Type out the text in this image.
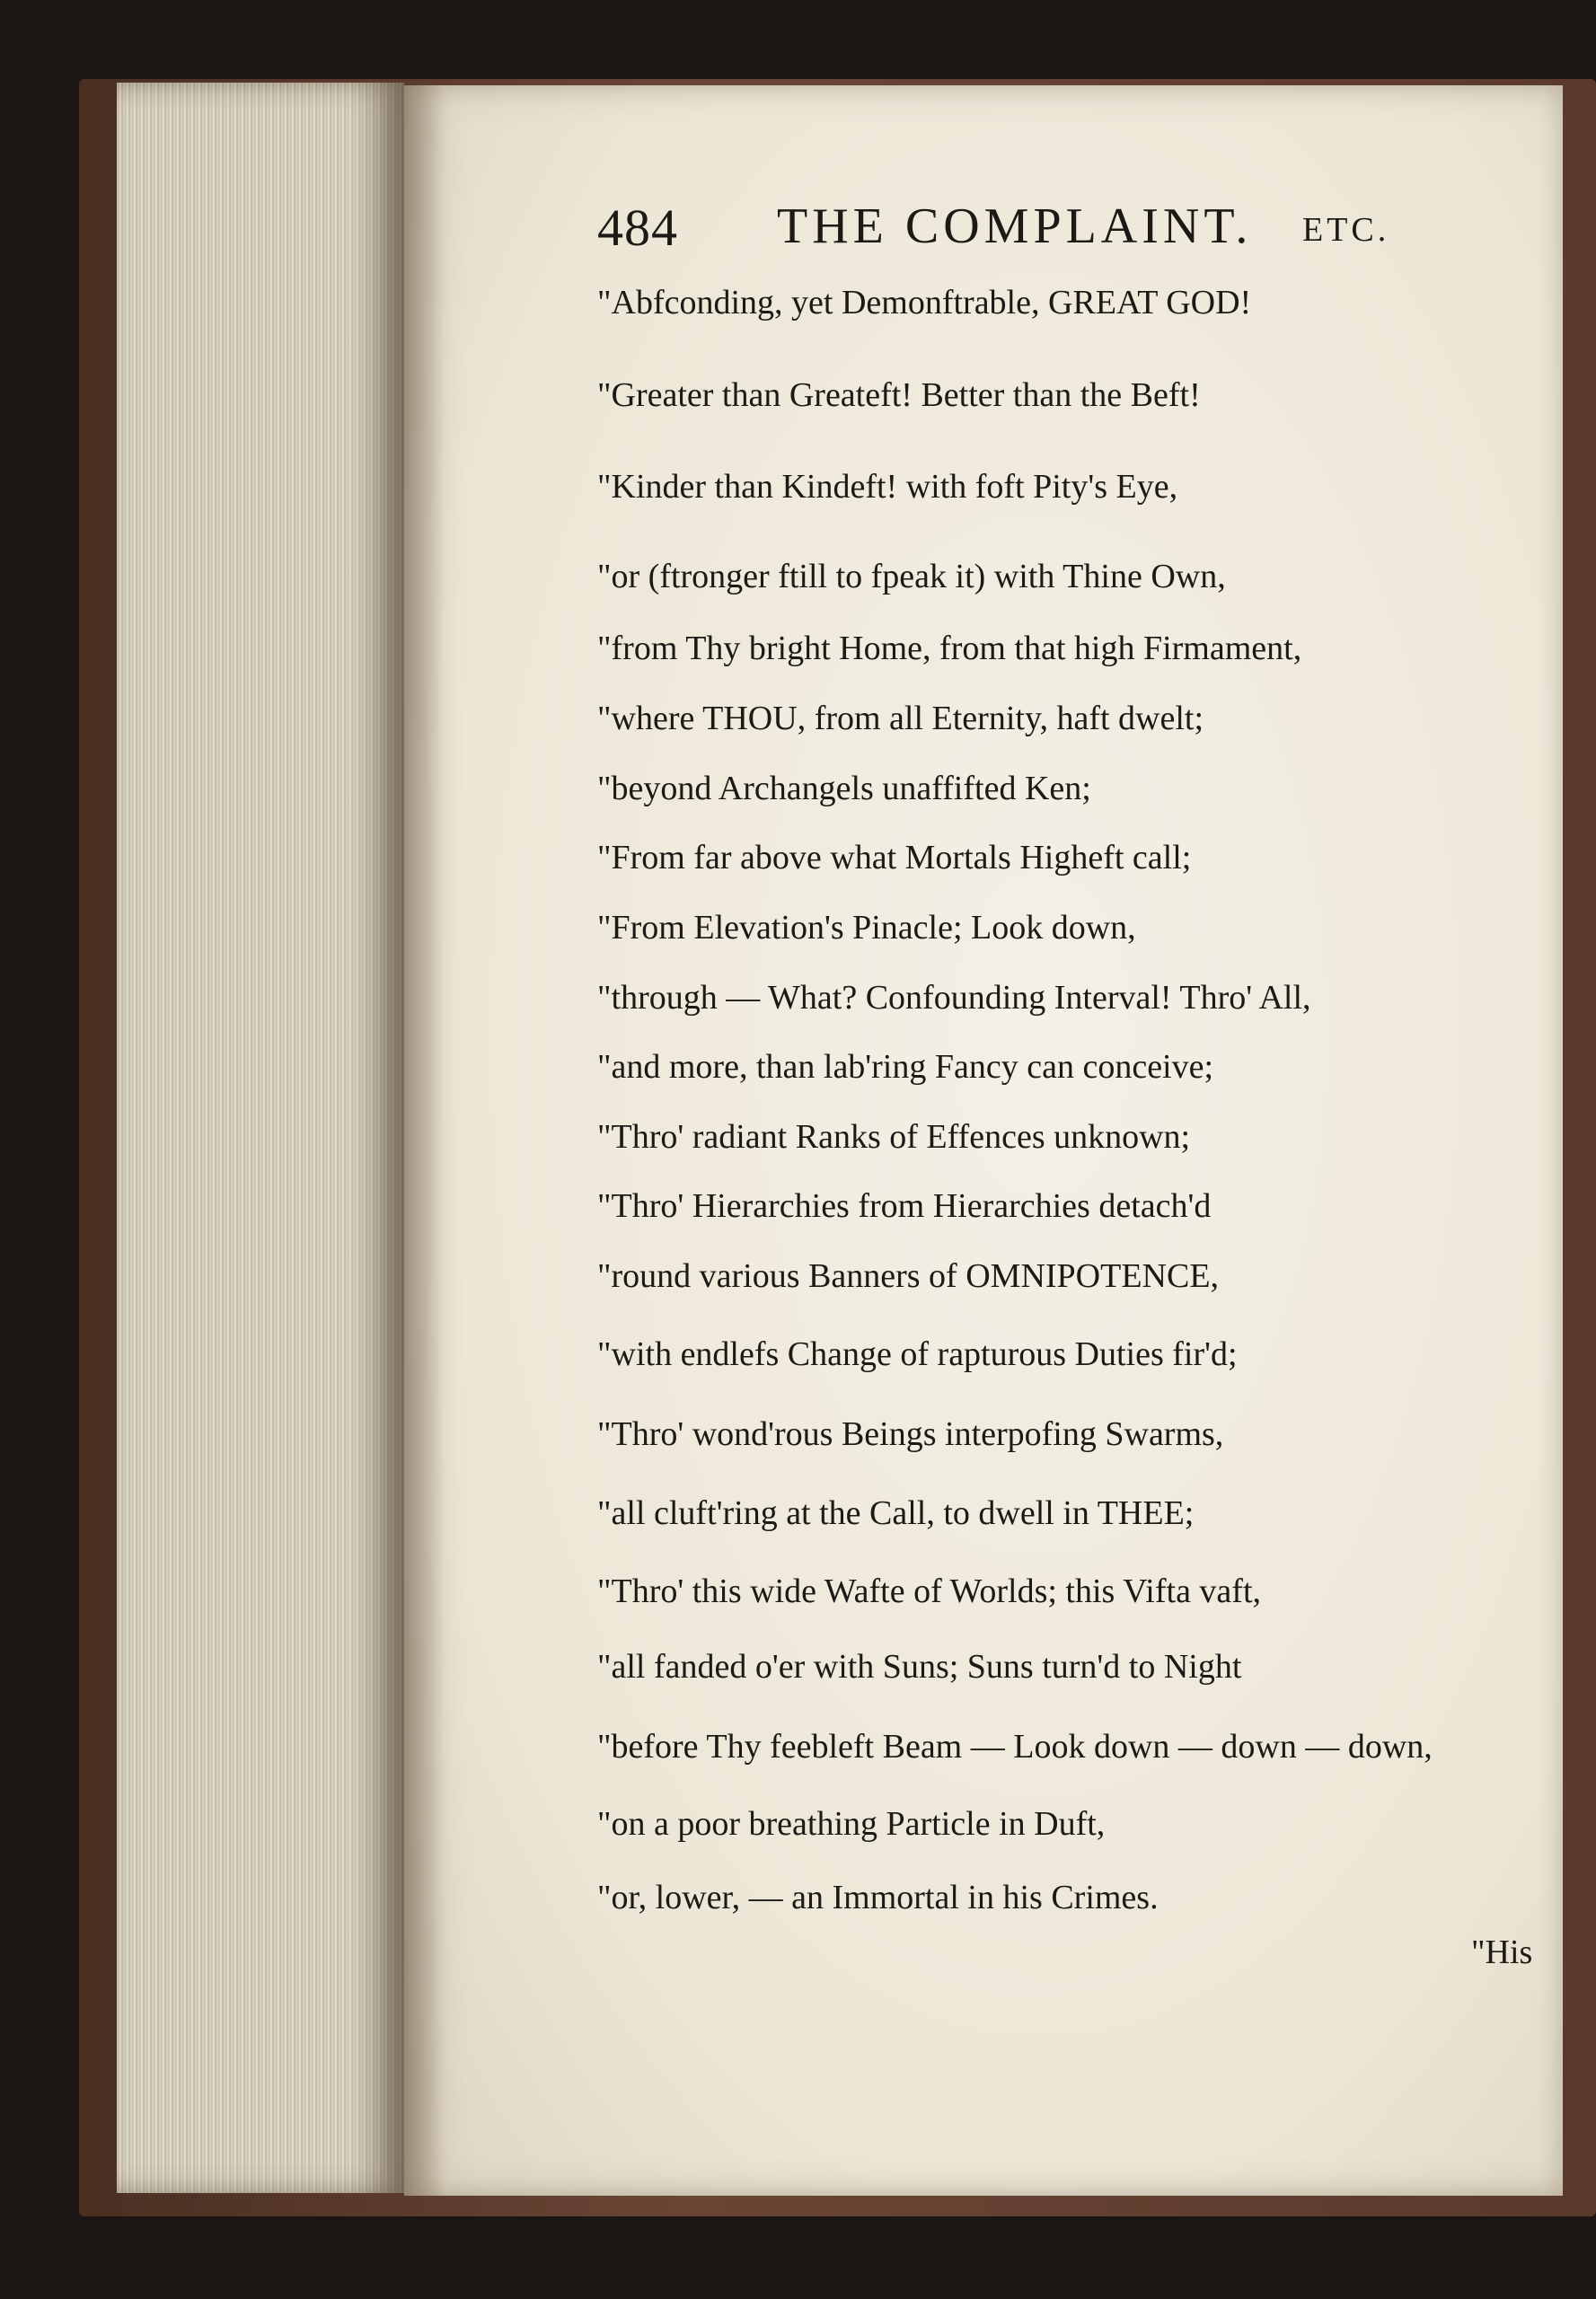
484 THE COMPLAINT. ETC.
"Abfconding, yet Demonftrable, GREAT GOD!
"Greater than Greateft! Better than the Beft!
"Kinder than Kindeft! with foft Pity's Eye,
"or (ftronger ftill to fpeak it) with Thine Own,
"from Thy bright Home, from that high Firmament,
"where THOU, from all Eternity, haft dwelt;
"beyond Archangels unaffifted Ken;
"From far above what Mortals Higheft call;
"From Elevation's Pinacle; Look down,
"through — What? Confounding Interval! Thro' All,
"and more, than lab'ring Fancy can conceive;
"Thro' radiant Ranks of Effences unknown;
"Thro' Hierarchies from Hierarchies detach'd
"round various Banners of OMNIPOTENCE,
"with endlefs Change of rapturous Duties fir'd;
"Thro' wond'rous Beings interpofing Swarms,
"all cluft'ring at the Call, to dwell in THEE;
"Thro' this wide Wafte of Worlds; this Vifta vaft,
"all fanded o'er with Suns; Suns turn'd to Night
"before Thy feebleft Beam — Look down — down — down,
"on a poor breathing Particle in Duft,
"or, lower, — an Immortal in his Crimes.
"His
